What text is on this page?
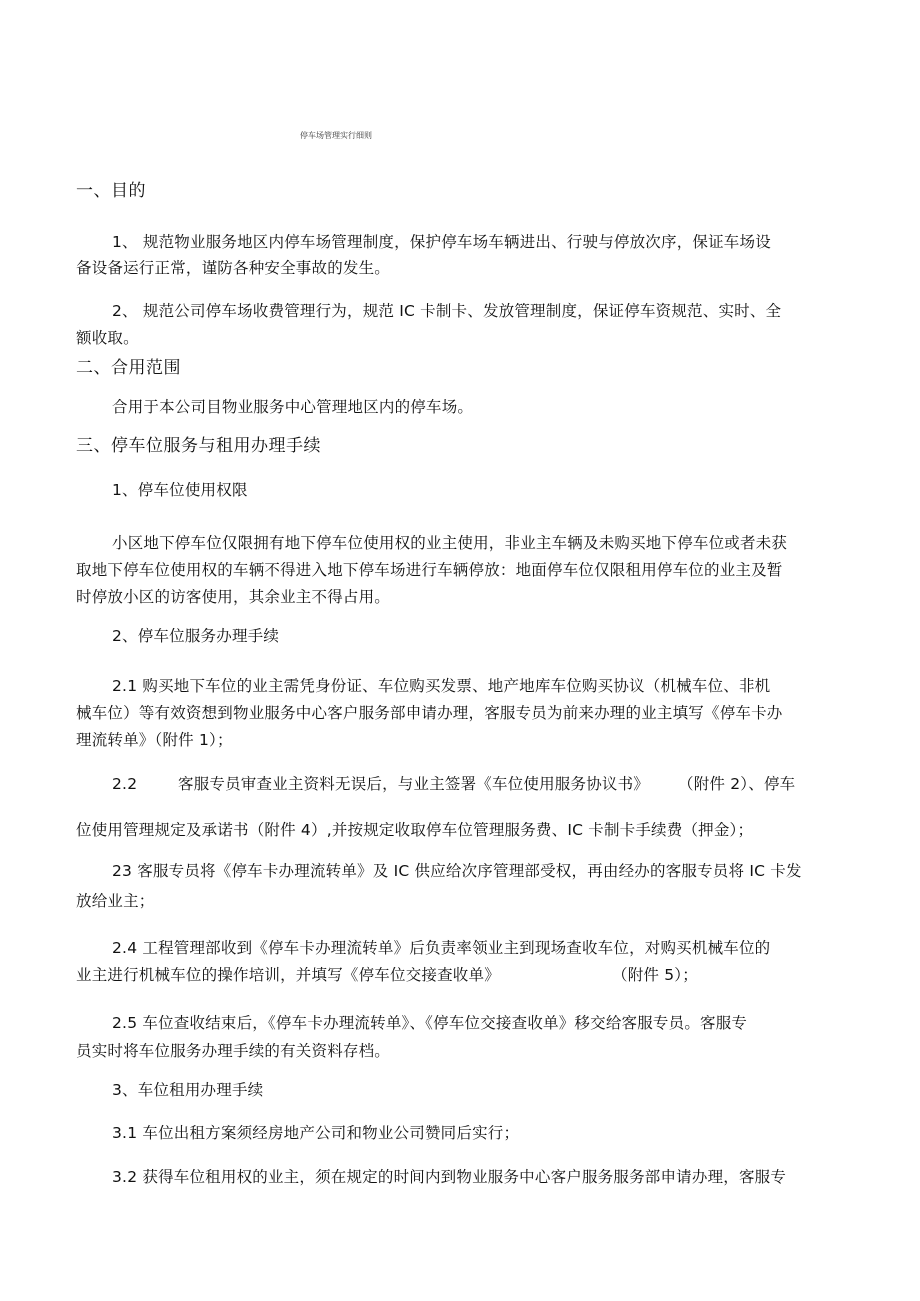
停车场管理实行细则
一、目的
1、 规范物业服务地区内停车场管理制度，保护停车场车辆进出、行驶与停放次序，保证车场设
备设备运行正常，谨防各种安全事故的发生。
2、 规范公司停车场收费管理行为，规范 IC 卡制卡、发放管理制度，保证停车资规范、实时、全
额收取。
二、合用范围
合用于本公司目物业服务中心管理地区内的停车场。
三、停车位服务与租用办理手续
1、停车位使用权限
小区地下停车位仅限拥有地下停车位使用权的业主使用，非业主车辆及未购买地下停车位或者未获
取地下停车位使用权的车辆不得进入地下停车场进行车辆停放：地面停车位仅限租用停车位的业主及暂
时停放小区的访客使用，其余业主不得占用。
2、停车位服务办理手续
2.1 购买地下车位的业主需凭身份证、车位购买发票、地产地库车位购买协议（机械车位、非机
械车位）等有效资想到物业服务中心客户服务部申请办理，客服专员为前来办理的业主填写《停车卡办
理流转单》（附件 1）；
2.2	客服专员审查业主资料无误后，与业主签署《车位使用服务协议书》 （附件 2）、停车
位使用管理规定及承诺书（附件 4）,并按规定收取停车位管理服务费、IC 卡制卡手续费（押金）；
23 客服专员将《停车卡办理流转单》及 IC 供应给次序管理部受权，再由经办的客服专员将 IC 卡发
放给业主；
2.4 工程管理部收到《停车卡办理流转单》后负责率领业主到现场查收车位，对购买机械车位的
业主进行机械车位的操作培训，并填写《停车位交接查收单》	（附件 5）；
2.5 车位查收结束后，《停车卡办理流转单》、《停车位交接查收单》移交给客服专员。客服专
员实时将车位服务办理手续的有关资料存档。
3、车位租用办理手续
3.1 车位出租方案须经房地产公司和物业公司赞同后实行；
3.2 获得车位租用权的业主，须在规定的时间内到物业服务中心客户服务服务部申请办理，客服专
